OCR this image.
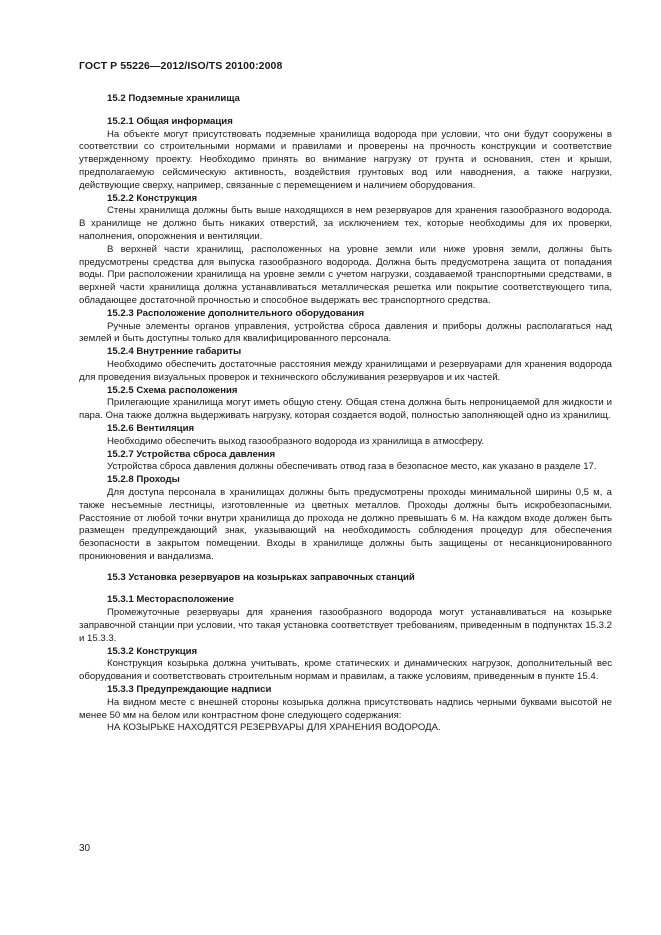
ГОСТ Р 55226—2012/ISO/TS 20100:2008
15.2 Подземные хранилища
15.2.1 Общая информация

На объекте могут присутствовать подземные хранилища водорода при условии, что они будут сооружены в соответствии со строительными нормами и правилами и проверены на прочность конструкции и соответствие утвержденному проекту. Необходимо принять во внимание нагрузку от грунта и основания, стен и крыши, предполагаемую сейсмическую активность, воздействия грунтовых вод или наводнения, а также нагрузки, действующие сверху, например, связанные с перемещением и наличием оборудования.

15.2.2 Конструкция

Стены хранилища должны быть выше находящихся в нем резервуаров для хранения газообразного водорода. В хранилище не должно быть никаких отверстий, за исключением тех, которые необходимы для их проверки, наполнения, опорожнения и вентиляции.

В верхней части хранилищ, расположенных на уровне земли или ниже уровня земли, должны быть предусмотрены средства для выпуска газообразного водорода. Должна быть предусмотрена защита от попадания воды. При расположении хранилища на уровне земли с учетом нагрузки, создаваемой транспортными средствами, в верхней части хранилища должна устанавливаться металлическая решетка или покрытие соответствующего типа, обладающее достаточной прочностью и способное выдержать вес транспортного средства.

15.2.3 Расположение дополнительного оборудования

Ручные элементы органов управления, устройства сброса давления и приборы должны располагаться над землей и быть доступны только для квалифицированного персонала.

15.2.4 Внутренние габариты

Необходимо обеспечить достаточные расстояния между хранилищами и резервуарами для хранения водорода для проведения визуальных проверок и технического обслуживания резервуаров и их частей.

15.2.5 Схема расположения

Прилегающие хранилища могут иметь общую стену. Общая стена должна быть непроницаемой для жидкости и пара. Она также должна выдерживать нагрузку, которая создается водой, полностью заполняющей одно из хранилищ.

15.2.6 Вентиляция

Необходимо обеспечить выход газообразного водорода из хранилища в атмосферу.

15.2.7 Устройства сброса давления

Устройства сброса давления должны обеспечивать отвод газа в безопасное место, как указано в разделе 17.

15.2.8 Проходы

Для доступа персонала в хранилищах должны быть предусмотрены проходы минимальной ширины 0,5 м, а также несъемные лестницы, изготовленные из цветных металлов. Проходы должны быть искробезопасными. Расстояние от любой точки внутри хранилища до прохода не должно превышать 6 м. На каждом входе должен быть размещен предупреждающий знак, указывающий на необходимость соблюдения процедур для обеспечения безопасности в закрытом помещении. Входы в хранилище должны быть защищены от несанкционированного проникновения и вандализма.

15.3 Установка резервуаров на козырьках заправочных станций
15.3.1 Месторасположение

Промежуточные резервуары для хранения газообразного водорода могут устанавливаться на козырьке заправочной станции при условии, что такая установка соответствует требованиям, приведенным в подпунктах 15.3.2 и 15.3.3.

15.3.2 Конструкция

Конструкция козырька должна учитывать, кроме статических и динамических нагрузок, дополнительный вес оборудования и соответствовать строительным нормам и правилам, а также условиям, приведенным в пункте 15.4.

15.3.3 Предупреждающие надписи

На видном месте с внешней стороны козырька должна присутствовать надпись черными буквами высотой не менее 50 мм на белом или контрастном фоне следующего содержания:

НА КОЗЫРЬКЕ НАХОДЯТСЯ РЕЗЕРВУАРЫ ДЛЯ ХРАНЕНИЯ ВОДОРОДА.

30
